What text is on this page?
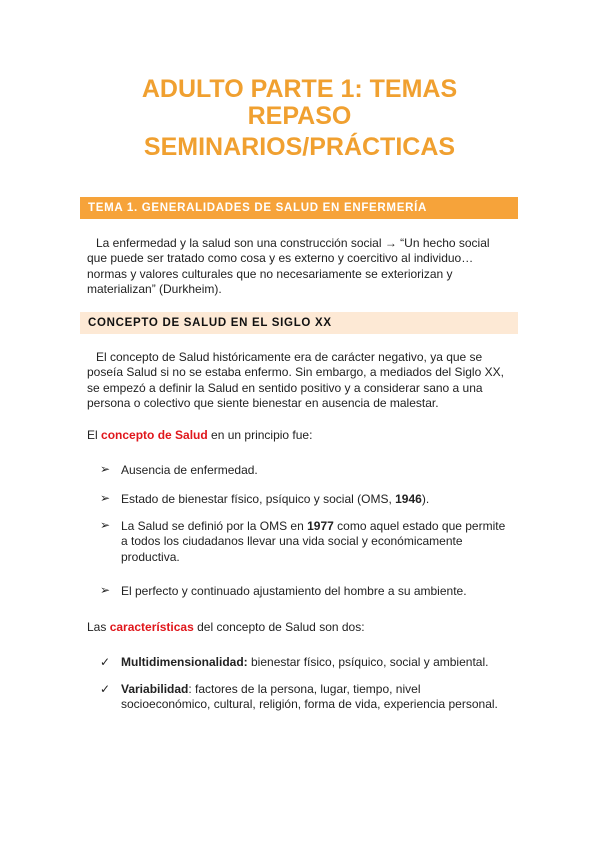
ADULTO PARTE 1: TEMAS
REPASO
SEMINARIOS/PRÁCTICAS
TEMA 1. GENERALIDADES DE SALUD EN ENFERMERÍA
La enfermedad y la salud son una construcción social → “Un hecho social
que puede ser tratado como cosa y es externo y coercitivo al individuo…
normas y valores culturales que no necesariamente se exteriorizan y
materializan” (Durkheim).
CONCEPTO DE SALUD EN EL SIGLO XX
El concepto de Salud históricamente era de carácter negativo, ya que se
poseía Salud si no se estaba enfermo. Sin embargo, a mediados del Siglo XX,
se empezó a definir la Salud en sentido positivo y a considerar sano a una
persona o colectivo que siente bienestar en ausencia de malestar.
El concepto de Salud en un principio fue:
➢ Ausencia de enfermedad.
➢ Estado de bienestar físico, psíquico y social (OMS, 1946).
➢ La Salud se definió por la OMS en 1977 como aquel estado que permite
a todos los ciudadanos llevar una vida social y económicamente
productiva.
➢ El perfecto y continuado ajustamiento del hombre a su ambiente.
Las características del concepto de Salud son dos:
✓ Multidimensionalidad: bienestar físico, psíquico, social y ambiental.
✓ Variabilidad: factores de la persona, lugar, tiempo, nivel
socioeconómico, cultural, religión, forma de vida, experiencia personal.
